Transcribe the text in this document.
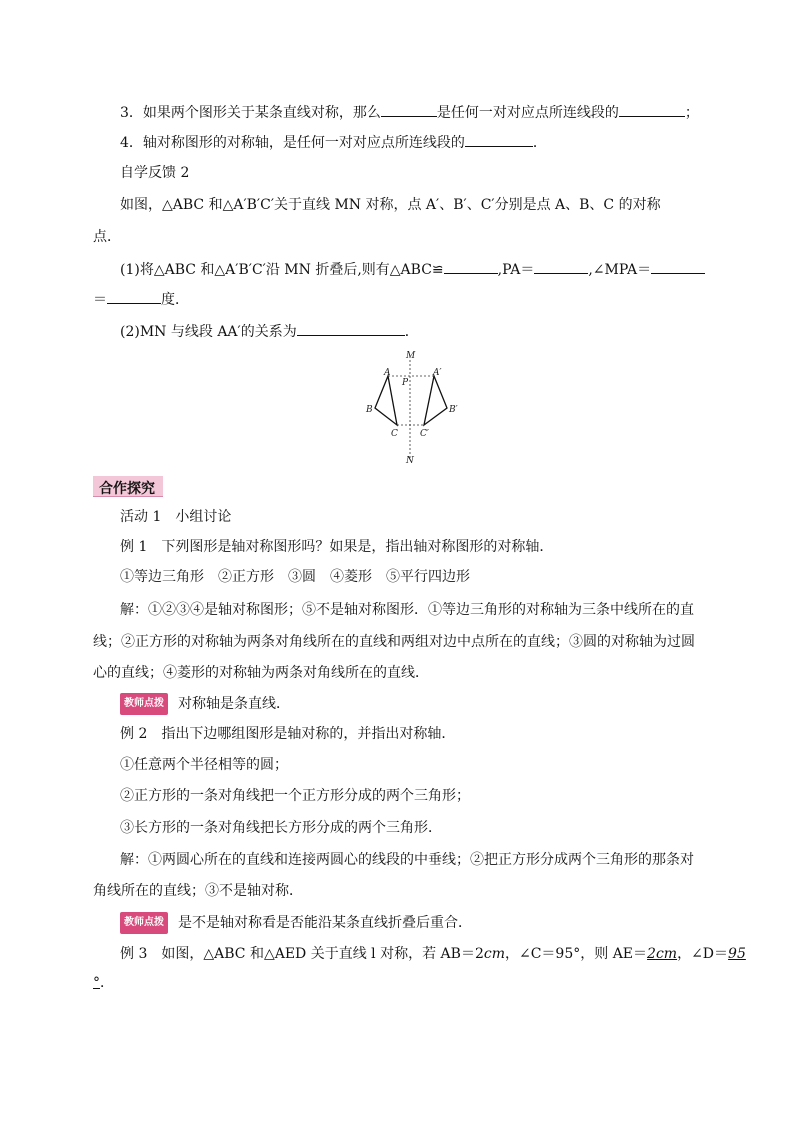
3．如果两个图形关于某条直线对称，那么	是任何一对对应点所连线段的	；
4．轴对称图形的对称轴，是任何一对对应点所连线段的	．
自学反馈 2
如图，△ABC 和△A′B′C′关于直线 MN 对称，点 A′、B′、C′分别是点 A、B、C 的对称
点．
(1)将△ABC 和△A′B′C′沿 MN 折叠后,则有△ABC≌	,PA＝	,∠MPA＝
＝	度．
(2)MN 与线段 AA′的关系为	．
M
N
A	A′
P
B	B′
C C′
合作探究
活动 1　小组讨论
例 1　下列图形是轴对称图形吗？如果是，指出轴对称图形的对称轴．
①等边三角形　②正方形　③圆　④菱形　⑤平行四边形
解：①②③④是轴对称图形；⑤不是轴对称图形．①等边三角形的对称轴为三条中线所在的直
线；②正方形的对称轴为两条对角线所在的直线和两组对边中点所在的直线；③圆的对称轴为过圆
心的直线；④菱形的对称轴为两条对角线所在的直线．
教师点拨 对称轴是条直线．
例 2　指出下边哪组图形是轴对称的，并指出对称轴．
①任意两个半径相等的圆；
②正方形的一条对角线把一个正方形分成的两个三角形；
③长方形的一条对角线把长方形分成的两个三角形．
解：①两圆心所在的直线和连接两圆心的线段的中垂线；②把正方形分成两个三角形的那条对
角线所在的直线；③不是轴对称．
教师点拨 是不是轴对称看是否能沿某条直线折叠后重合．
例 3　如图，△ABC 和△AED 关于直线 l 对称，若 AB＝2cm，∠C＝95°，则 AE＝2cm，∠D＝95
°．
